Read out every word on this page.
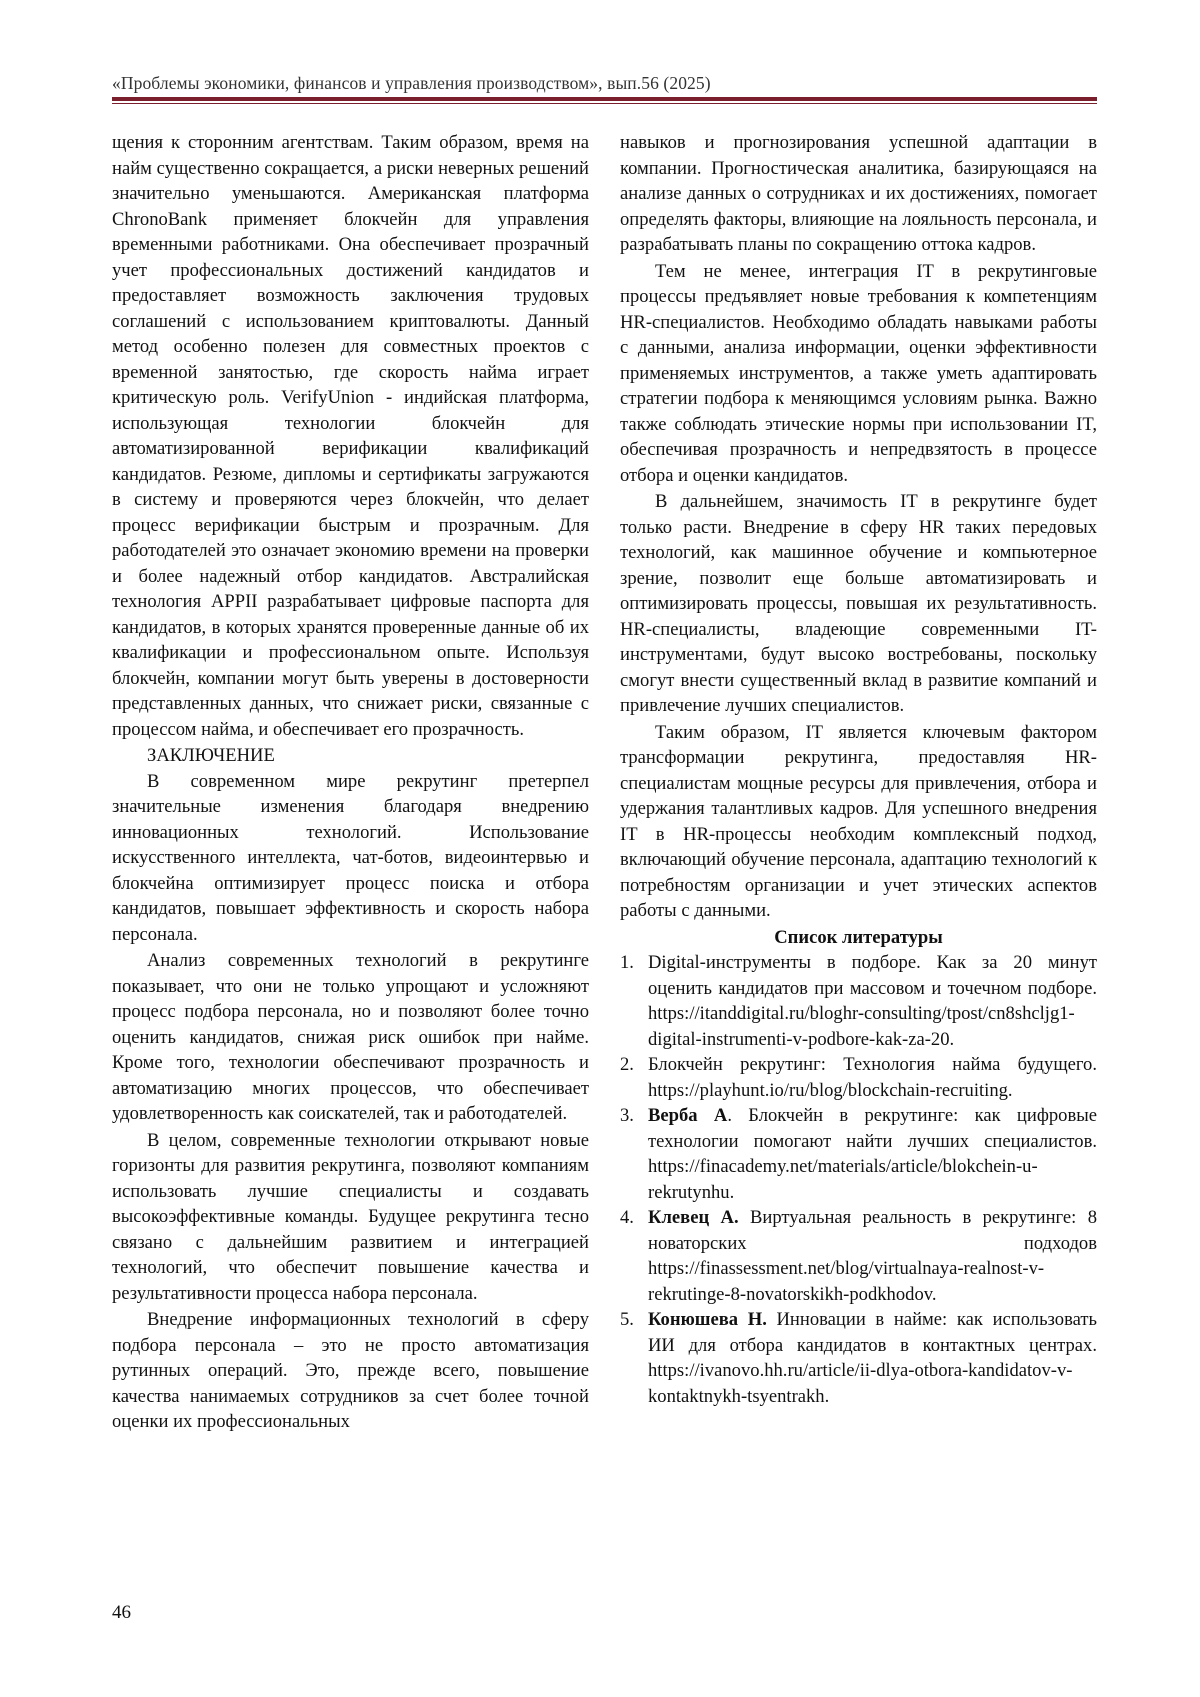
«Проблемы экономики, финансов и управления производством», вып.56 (2025)

щения к сторонним агентствам. Таким образом, время на найм существенно сокращается, а риски неверных решений значительно уменьшаются. Американская платформа ChronoBank применяет блокчейн для управления временными работниками. Она обеспечивает прозрачный учет профессиональных достижений кандидатов и предоставляет возможность заключения трудовых соглашений с использованием криптовалюты. Данный метод особенно полезен для совместных проектов с временной занятостью, где скорость найма играет критическую роль. VerifyUnion - индийская платформа, использующая технологии блокчейн для автоматизированной верификации квалификаций кандидатов. Резюме, дипломы и сертификаты загружаются в систему и проверяются через блокчейн, что делает процесс верификации быстрым и прозрачным. Для работодателей это означает экономию времени на проверки и более надежный отбор кандидатов. Австралийская технология APPII разрабатывает цифровые паспорта для кандидатов, в которых хранятся проверенные данные об их квалификации и профессиональном опыте. Используя блокчейн, компании могут быть уверены в достоверности представленных данных, что снижает риски, связанные с процессом найма, и обеспечивает его прозрачность.

ЗАКЛЮЧЕНИЕ

В современном мире рекрутинг претерпел значительные изменения благодаря внедрению инновационных технологий. Использование искусственного интеллекта, чат-ботов, видеоинтервью и блокчейна оптимизирует процесс поиска и отбора кандидатов, повышает эффективность и скорость набора персонала.

Анализ современных технологий в рекрутинге показывает, что они не только упрощают и усложняют процесс подбора персонала, но и позволяют более точно оценить кандидатов, снижая риск ошибок при найме. Кроме того, технологии обеспечивают прозрачность и автоматизацию многих процессов, что обеспечивает удовлетворенность как соискателей, так и работодателей.

В целом, современные технологии открывают новые горизонты для развития рекрутинга, позволяют компаниям использовать лучшие специалисты и создавать высокоэффективные команды. Будущее рекрутинга тесно связано с дальнейшим развитием и интеграцией технологий, что обеспечит повышение качества и результативности процесса набора персонала.

Внедрение информационных технологий в сферу подбора персонала – это не просто автоматизация рутинных операций. Это, прежде всего, повышение качества нанимаемых сотрудников за счет более точной оценки их профессиональных

навыков и прогнозирования успешной адаптации в компании. Прогностическая аналитика, базирующаяся на анализе данных о сотрудниках и их достижениях, помогает определять факторы, влияющие на лояльность персонала, и разрабатывать планы по сокращению оттока кадров.

Тем не менее, интеграция IT в рекрутинговые процессы предъявляет новые требования к компетенциям HR-специалистов. Необходимо обладать навыками работы с данными, анализа информации, оценки эффективности применяемых инструментов, а также уметь адаптировать стратегии подбора к меняющимся условиям рынка. Важно также соблюдать этические нормы при использовании IT, обеспечивая прозрачность и непредвзятость в процессе отбора и оценки кандидатов.

В дальнейшем, значимость IT в рекрутинге будет только расти. Внедрение в сферу HR таких передовых технологий, как машинное обучение и компьютерное зрение, позволит еще больше автоматизировать и оптимизировать процессы, повышая их результативность. HR-специалисты, владеющие современными IT-инструментами, будут высоко востребованы, поскольку смогут внести существенный вклад в развитие компаний и привлечение лучших специалистов.

Таким образом, IT является ключевым фактором трансформации рекрутинга, предоставляя HR-специалистам мощные ресурсы для привлечения, отбора и удержания талантливых кадров. Для успешного внедрения IT в HR-процессы необходим комплексный подход, включающий обучение персонала, адаптацию технологий к потребностям организации и учет этических аспектов работы с данными.

Список литературы

1. Digital-инструменты в подборе. Как за 20 минут оценить кандидатов при массовом и точечном подборе. https://itanddigital.ru/bloghr-consulting/tpost/cn8shcljg1-digital-instrumenti-v-podbore-kak-za-20.
2. Блокчейн рекрутинг: Технология найма будущего. https://playhunt.io/ru/blog/blockchain-recruiting.
3. Верба А. Блокчейн в рекрутинге: как цифровые технологии помогают найти лучших специалистов. https://finacademy.net/materials/article/blokchein-u-rekrutynhu.
4. Клевец А. Виртуальная реальность в рекрутинге: 8 новаторских подходов https://finassessment.net/blog/virtualnaya-realnost-v-rekrutinge-8-novatorskikh-podkhodov.
5. Конюшева Н. Инновации в найме: как использовать ИИ для отбора кандидатов в контактных центрах. https://ivanovo.hh.ru/article/ii-dlya-otbora-kandidatov-v-kontaktnykh-tsyentrakh.
46
